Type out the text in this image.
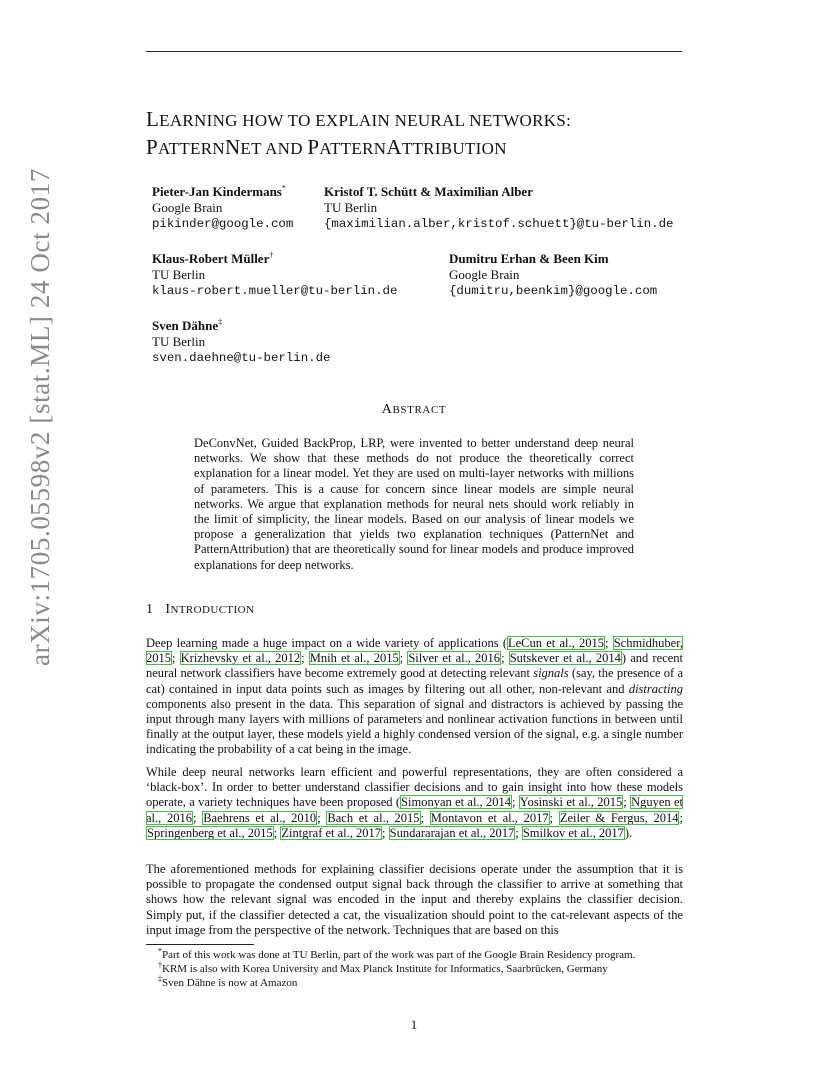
arXiv:1705.05598v2 [stat.ML] 24 Oct 2017
LEARNING HOW TO EXPLAIN NEURAL NETWORKS:
PATTERNNET AND PATTERNATTRIBUTION
Pieter-Jan Kindermans*
Google Brain
pikinder@google.com
Kristof T. Schütt & Maximilian Alber
TU Berlin
{maximilian.alber,kristof.schuett}@tu-berlin.de
Klaus-Robert Müller†
TU Berlin
klaus-robert.mueller@tu-berlin.de
Dumitru Erhan & Been Kim
Google Brain
{dumitru,beenkim}@google.com
Sven Dähne‡
TU Berlin
sven.daehne@tu-berlin.de
ABSTRACT

DeConvNet, Guided BackProp, LRP, were invented to better understand deep neural networks. We show that these methods do not produce the theoretically correct explanation for a linear model. Yet they are used on multi-layer networks with millions of parameters. This is a cause for concern since linear models are simple neural networks. We argue that explanation methods for neural nets should work reliably in the limit of simplicity, the linear models. Based on our analysis of linear models we propose a generalization that yields two explanation techniques (PatternNet and PatternAttribution) that are theoretically sound for linear models and produce improved explanations for deep networks.

1 INTRODUCTION

Deep learning made a huge impact on a wide variety of applications (LeCun et al., 2015; Schmidhuber, 2015; Krizhevsky et al., 2012; Mnih et al., 2015; Silver et al., 2016; Sutskever et al., 2014) and recent neural network classifiers have become extremely good at detecting relevant signals (say, the presence of a cat) contained in input data points such as images by filtering out all other, non-relevant and distracting components also present in the data. This separation of signal and distractors is achieved by passing the input through many layers with millions of parameters and nonlinear activation functions in between until finally at the output layer, these models yield a highly condensed version of the signal, e.g. a single number indicating the probability of a cat being in the image.

While deep neural networks learn efficient and powerful representations, they are often considered a ‘black-box’. In order to better understand classifier decisions and to gain insight into how these models operate, a variety techniques have been proposed (Simonyan et al., 2014; Yosinski et al., 2015; Nguyen et al., 2016; Baehrens et al., 2010; Bach et al., 2015; Montavon et al., 2017; Zeiler & Fergus, 2014; Springenberg et al., 2015; Zintgraf et al., 2017; Sundararajan et al., 2017; Smilkov et al., 2017).

The aforementioned methods for explaining classifier decisions operate under the assumption that it is possible to propagate the condensed output signal back through the classifier to arrive at something that shows how the relevant signal was encoded in the input and thereby explains the classifier decision. Simply put, if the classifier detected a cat, the visualization should point to the cat-relevant aspects of the input image from the perspective of the network. Techniques that are based on this

*Part of this work was done at TU Berlin, part of the work was part of the Google Brain Residency program.
†KRM is also with Korea University and Max Planck Institute for Informatics, Saarbrücken, Germany
‡Sven Dähne is now at Amazon
1
